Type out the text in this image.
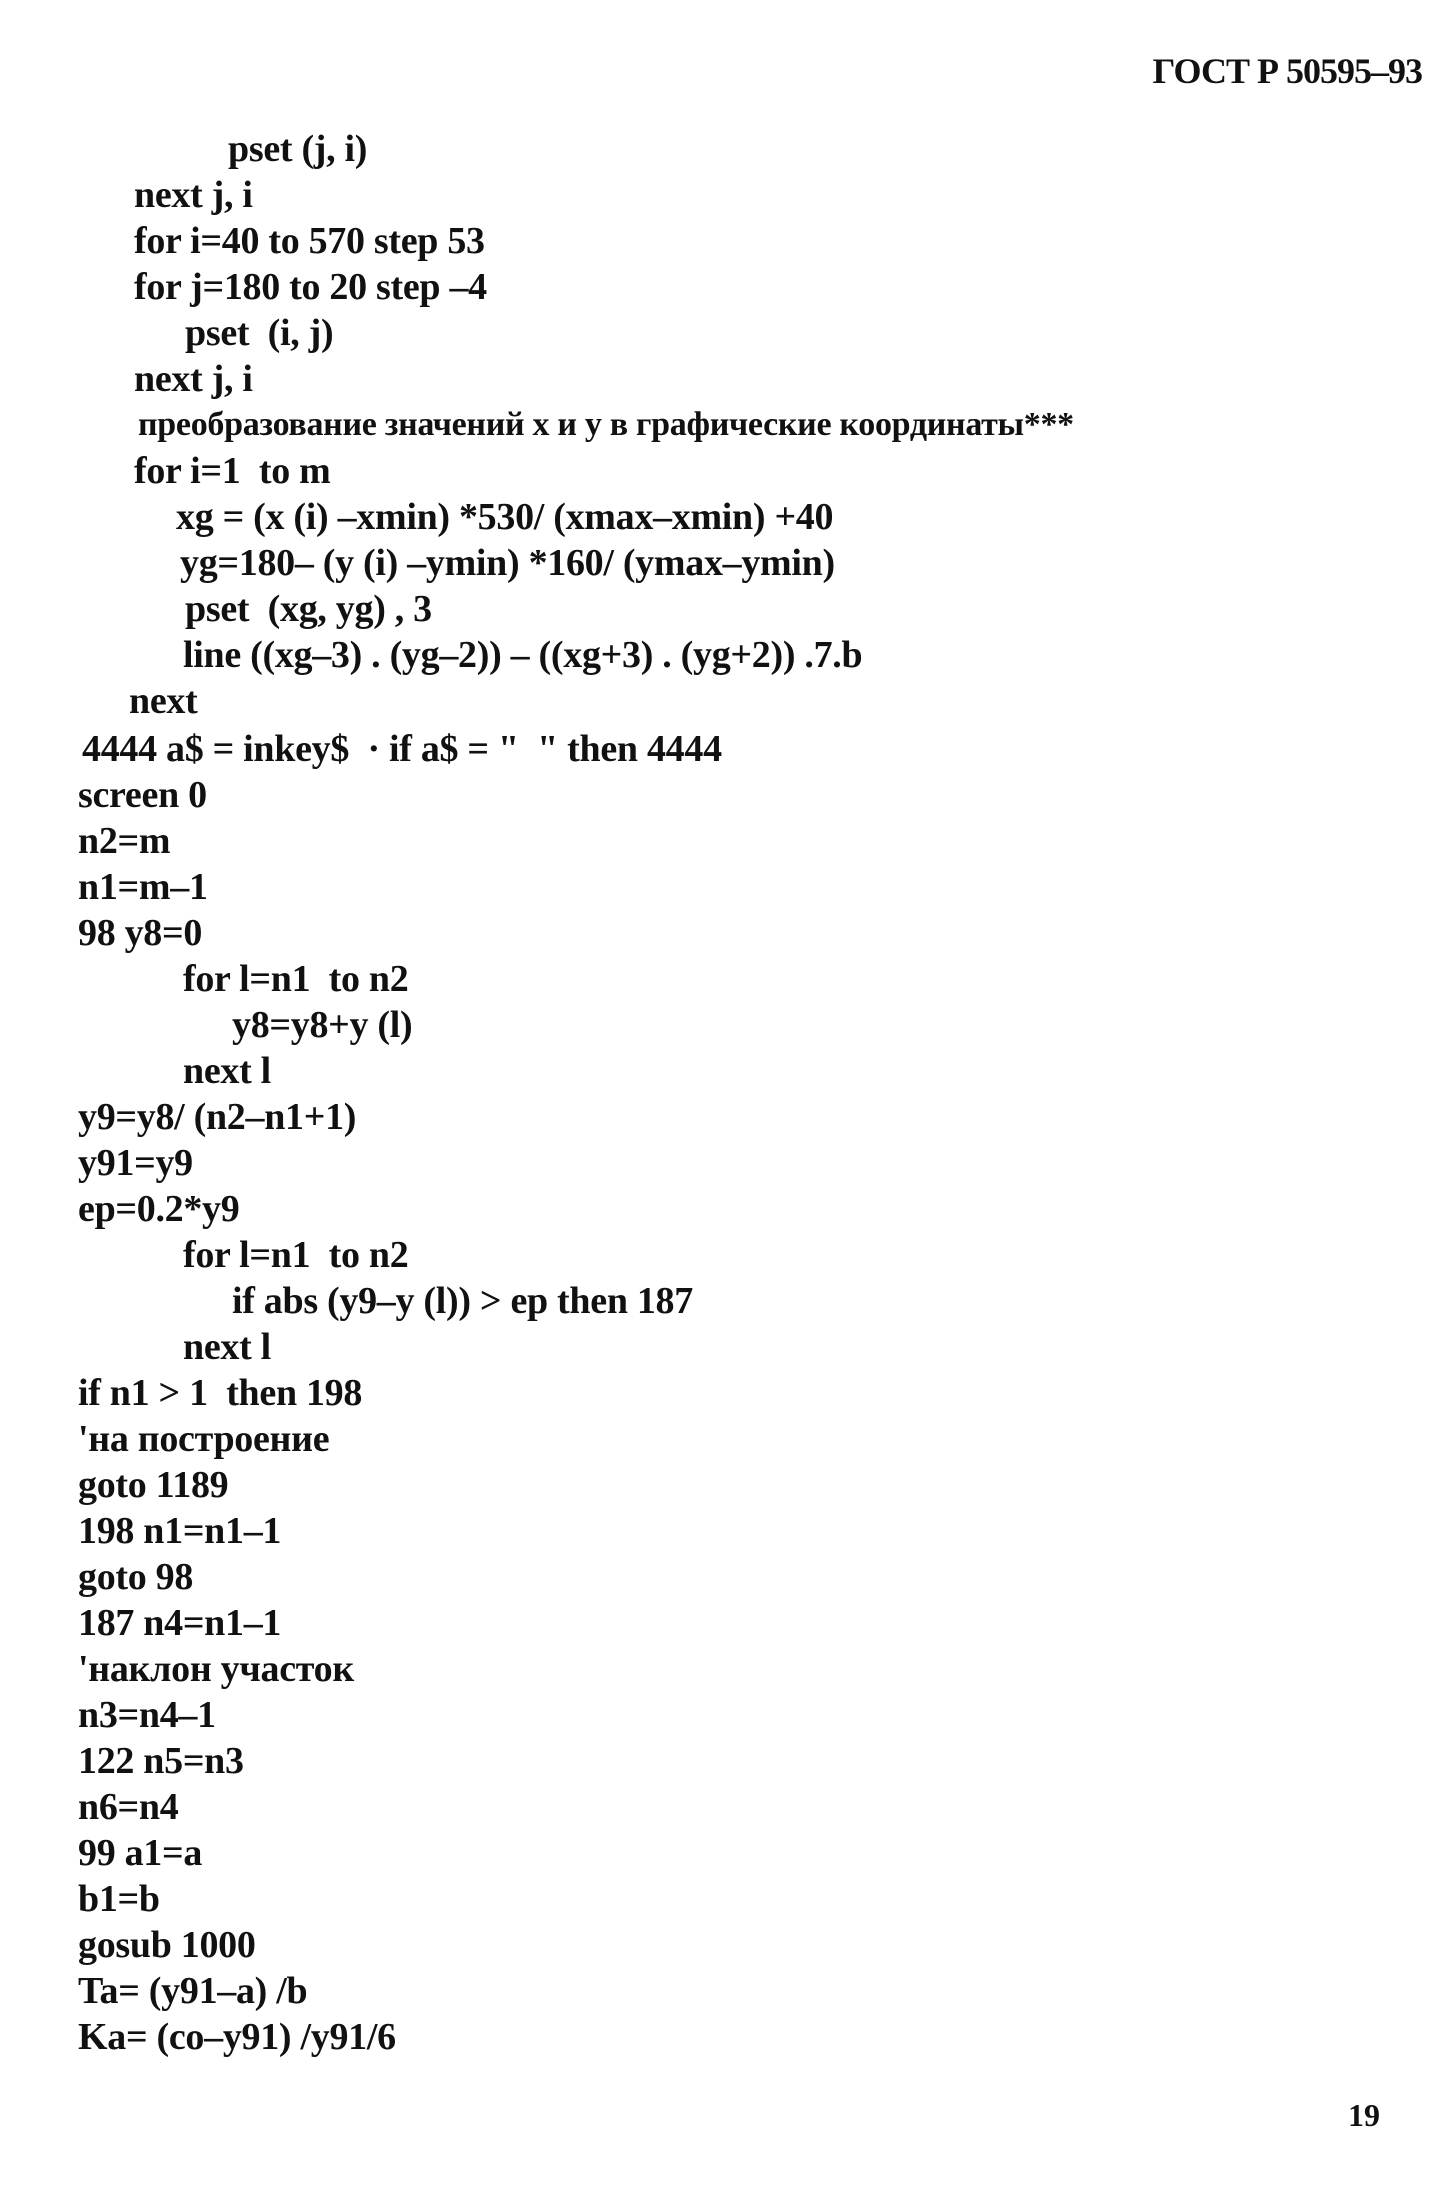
ГОСТ Р 50595–93
pset (j, i)
next j, i
for i=40 to 570 step 53
for j=180 to 20 step –4
pset  (i, j)
next j, i
преобразование значений x и y в графические координаты***
for i=1  to m
xg = (x (i) –xmin) *530/ (xmax–xmin) +40
yg=180– (y (i) –ymin) *160/ (ymax–ymin)
pset  (xg, yg) , 3
line ((xg–3) . (yg–2)) – ((xg+3) . (yg+2)) .7.b
next
4444 a$ = inkey$  · if a$ = "  " then 4444
screen 0
n2=m
n1=m–1
98 y8=0
for l=n1  to n2
y8=y8+y (l)
next l
y9=y8/ (n2–n1+1)
y91=y9
ep=0.2*y9
for l=n1  to n2
if abs (y9–y (l)) > ep then 187
next l
if n1 > 1  then 198
'на построение
goto 1189
198 n1=n1–1
goto 98
187 n4=n1–1
'наклон участок
n3=n4–1
122 n5=n3
n6=n4
99 a1=a
b1=b
gosub 1000
Ta= (y91–a) /b
Ka= (co–y91) /y91/6
19
